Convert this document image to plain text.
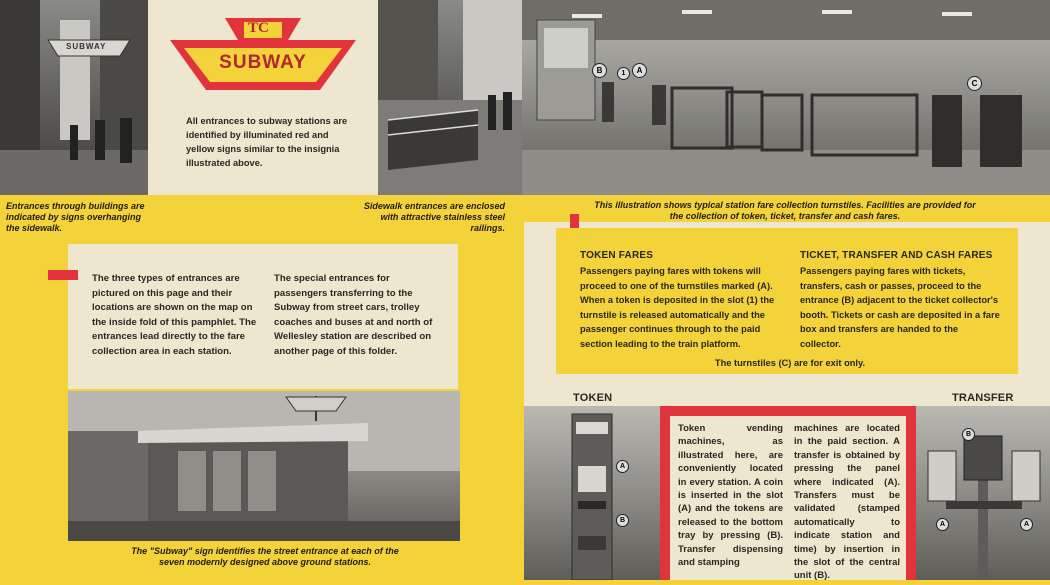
SUBWAY
TC
SUBWAY
All entrances to subway stations are identified by illuminated red and yellow signs similar to the insignia illustrated above.
B	1	A
C
Entrances through buildings are indicated by signs overhanging the sidewalk.
Sidewalk entrances are enclosed with attractive stainless steel railings.
This illustration shows typical station fare collection turnstiles. Facilities are provided for the collection of token, ticket, transfer and cash fares.
The three types of entrances are pictured on this page and their locations are shown on the map on the inside fold of this pamphlet. The entrances lead directly to the fare collection area in each station.
The special entrances for passengers transferring to the Subway from street cars, trolley coaches and buses at and north of Wellesley station are described on another page of this folder.
The "Subway" sign identifies the street entrance at each of the seven modernly designed above ground stations.
TOKEN FARES
Passengers paying fares with tokens will proceed to one of the turnstiles marked (A). When a token is deposited in the slot (1) the turnstile is released automatically and the passenger continues through to the paid section leading to the train platform.
TICKET, TRANSFER AND CASH FARES
Passengers paying fares with tickets, transfers, cash or passes, proceed to the entrance (B) adjacent to the ticket collector's booth. Tickets or cash are deposited in a fare box and transfers are handed to the collector.
The turnstiles (C) are for exit only.
TOKEN	TRANSFER
A
B
Token vending machines, as illustrated here, are conveniently located in every station. A coin is inserted in the slot (A) and the tokens are released to the bottom tray by pressing (B). Transfer dispensing and stamping
machines are located in the paid section. A transfer is obtained by pressing the panel where indicated (A). Transfers must be validated (stamped automatically to indicate station and time) by insertion in the slot of the central unit (B).
B
A	A
